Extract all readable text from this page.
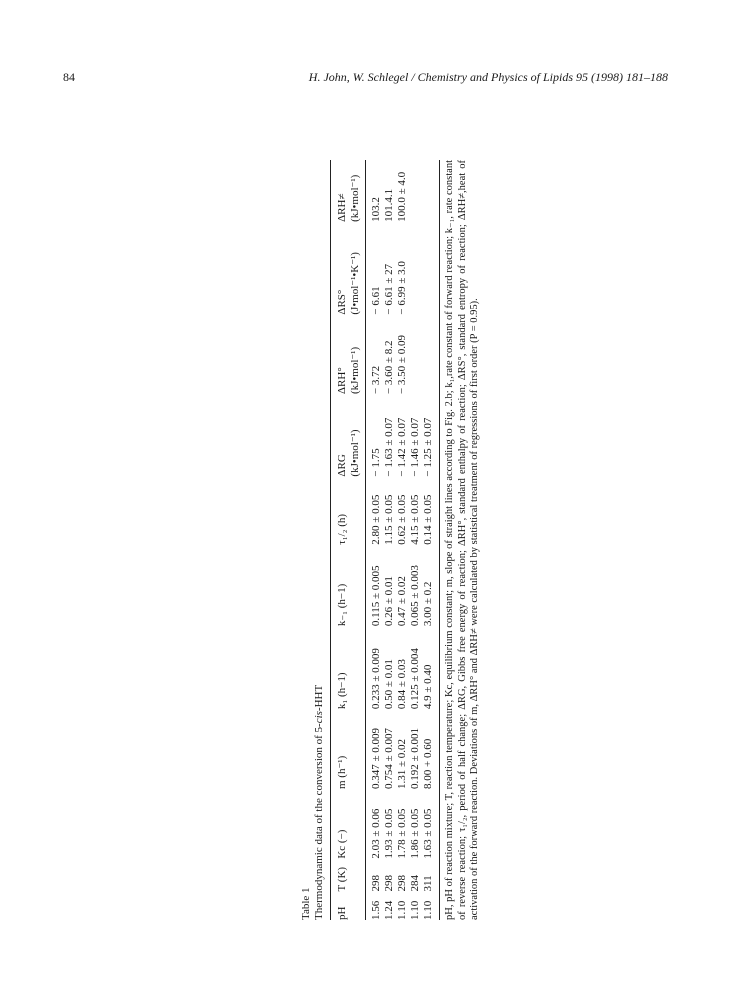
84	H. John, W. Schlegel / Chemistry and Physics of Lipids 95 (1998) 181–188
Table 1 Thermodynamic data of the conversion of 5-cis-HHT

pH	T (K)	Kc (−)	m (h⁻¹)	k₁ (h−1)	k₋₁ (h−1)	τ₁/₂ (h)	ΔRG (kJ•mol⁻¹)	ΔRH° (kJ•mol⁻¹)	ΔRS° (J•mol⁻¹•K⁻¹)	ΔRH≠ (kJ•mol⁻¹)

1.56	298	2.03 ± 0.06	0.347 ± 0.009	0.233 ± 0.009	0.115 ± 0.005	2.80 ± 0.05	− 1.75	− 3.72	− 6.61	103.2
1.24	298	1.93 ± 0.05	0.754 ± 0.007	0.50 ± 0.01	0.26 ± 0.01	1.15 ± 0.05	− 1.63 ± 0.07	− 3.60 ± 8.2	− 6.61 ± 27	101.4.1
1.10	298	1.78 ± 0.05	1.31 ± 0.02	0.84 ± 0.03	0.47 ± 0.02	0.62 ± 0.05	− 1.42 ± 0.07	− 3.50 ± 0.09	− 6.99 ± 3.0	100.0 ± 4.0
1.10	284	1.86 ± 0.05	0.192 ± 0.001	0.125 ± 0.004	0.065 ± 0.003	4.15 ± 0.05	− 1.46 ± 0.07			
1.10	311	1.63 ± 0.05	8.00 + 0.60	4.9 ± 0.40	3.00 ± 0.2	0.14 ± 0.05	− 1.25 ± 0.07			pH, pH of reaction mixture; T, reaction temperature; Kc, equilibrium constant; m, slope of straight lines according to Fig. 2.b; k₁,rate constant of forward reaction; k₋₁, rate constant of reverse reaction; τ₁/₂, period of half change; ΔRG, Gibbs free energy of reaction; ΔRH°, standard enthalpy of reaction; ΔRS°, standard entropy of reaction; ΔRH≠,heat of activation of the forward reaction. Deviations of m, ΔRH° and ΔRH≠ were calculated by statistical treatment of regressions of first order (P = 0.95).
